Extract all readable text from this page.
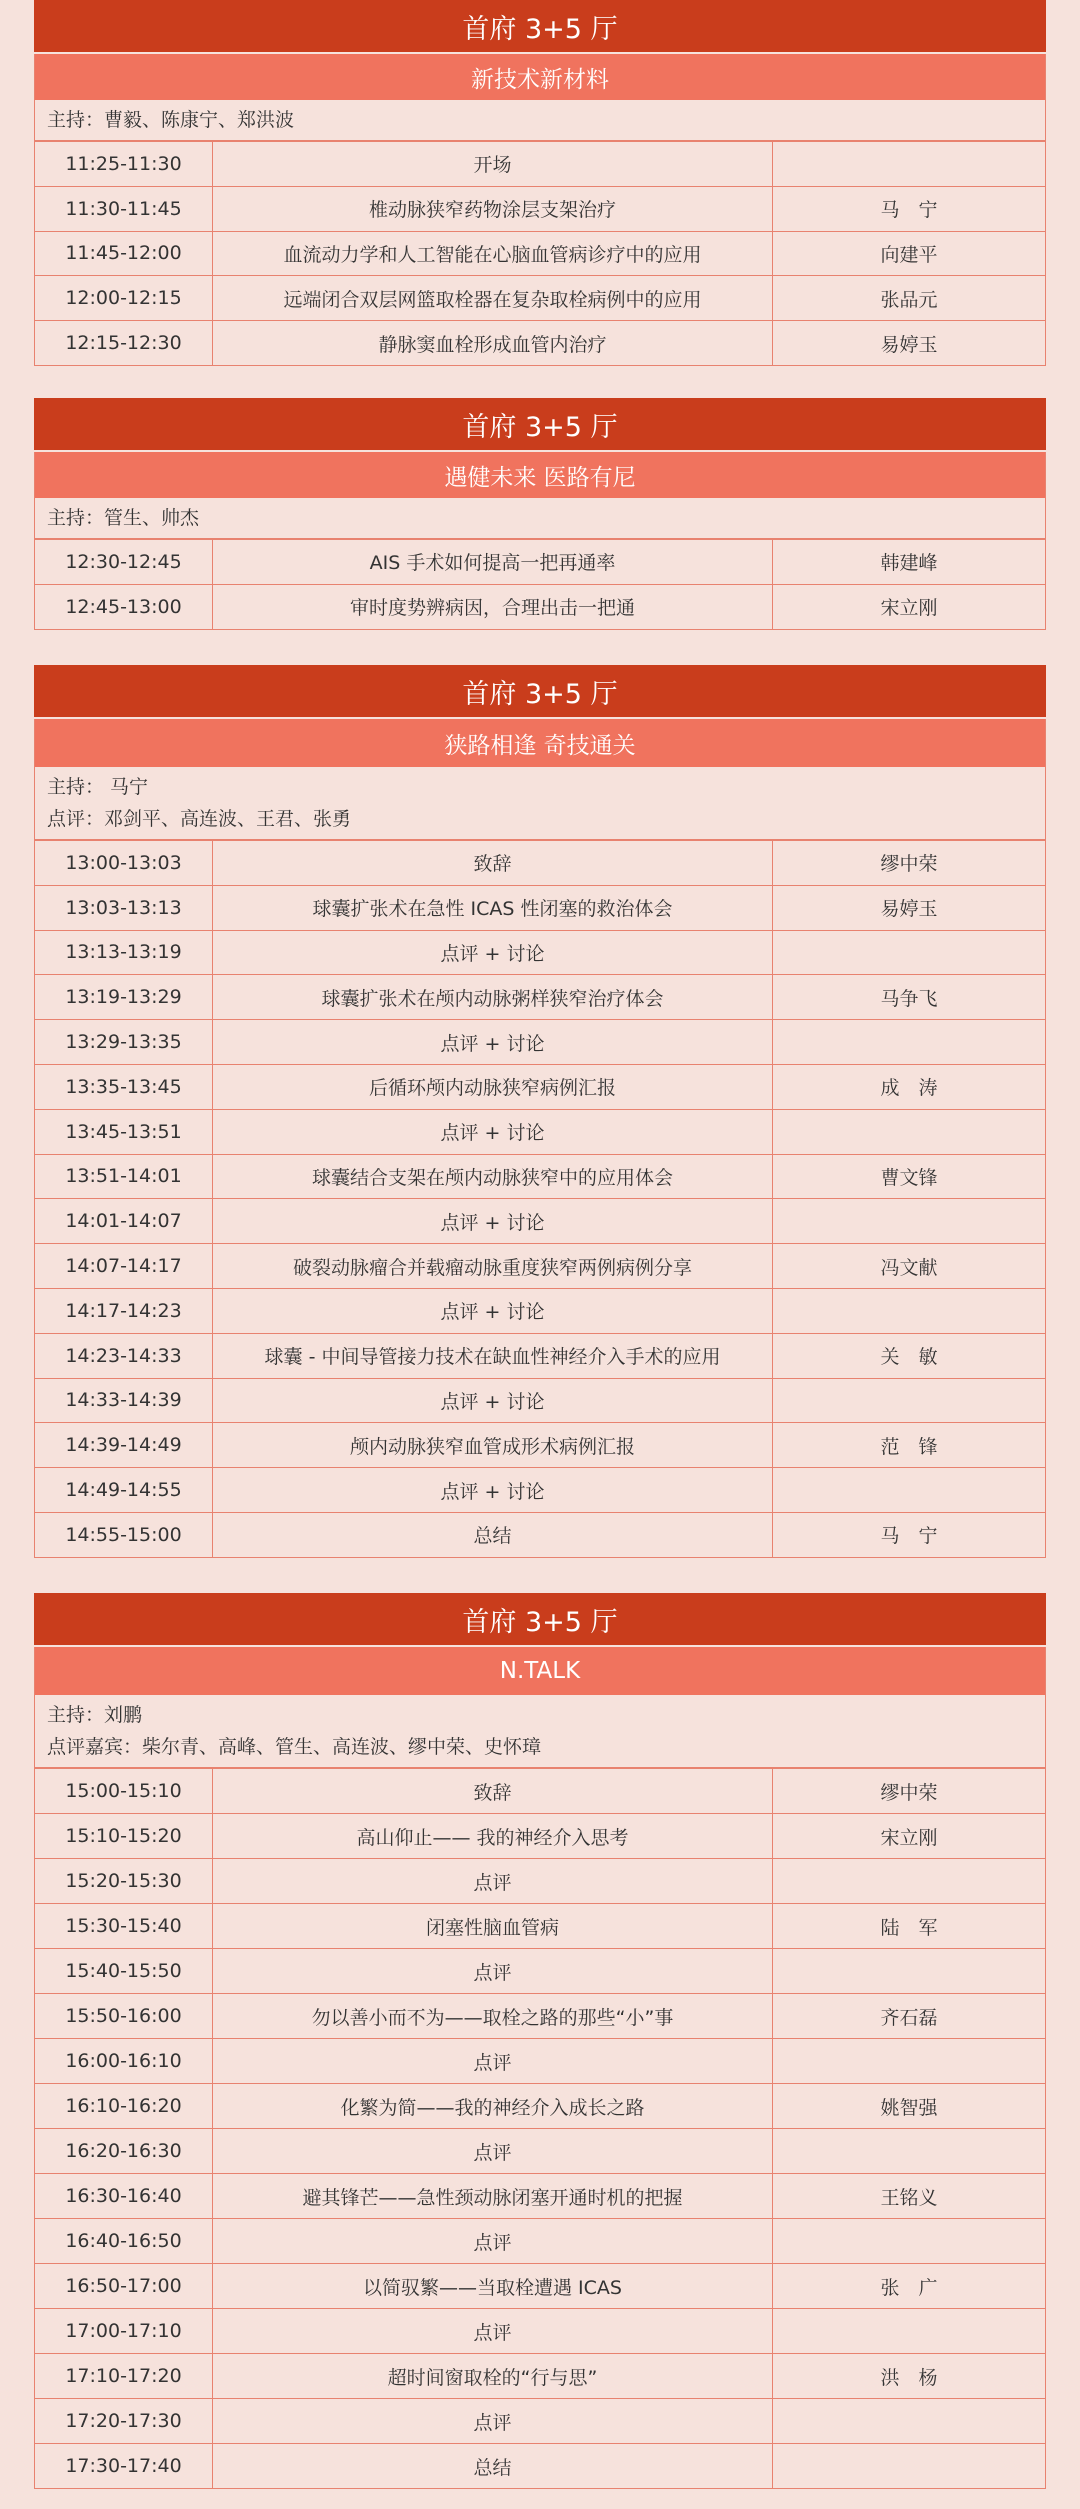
首府 3+5 厅
新技术新材料
主持：曹毅、陈康宁、郑洪波
11:25-11:30	开场	
11:30-11:45	椎动脉狭窄药物涂层支架治疗	马　宁
11:45-12:00	血流动力学和人工智能在心脑血管病诊疗中的应用	向建平
12:00-12:15	远端闭合双层网篮取栓器在复杂取栓病例中的应用	张品元
12:15-12:30	静脉窦血栓形成血管内治疗	易婷玉
首府 3+5 厅
遇健未来 医路有尼
主持：管生、帅杰
12:30-12:45	AIS 手术如何提高一把再通率	韩建峰
12:45-13:00	审时度势辨病因，合理出击一把通	宋立刚
首府 3+5 厅
狭路相逢 奇技通关
主持： 马宁
点评：邓剑平、高连波、王君、张勇
13:00-13:03	致辞	缪中荣
13:03-13:13	球囊扩张术在急性 ICAS 性闭塞的救治体会	易婷玉
13:13-13:19	点评 + 讨论	
13:19-13:29	球囊扩张术在颅内动脉粥样狭窄治疗体会	马争飞
13:29-13:35	点评 + 讨论	
13:35-13:45	后循环颅内动脉狭窄病例汇报	成　涛
13:45-13:51	点评 + 讨论	
13:51-14:01	球囊结合支架在颅内动脉狭窄中的应用体会	曹文锋
14:01-14:07	点评 + 讨论	
14:07-14:17	破裂动脉瘤合并载瘤动脉重度狭窄两例病例分享	冯文献
14:17-14:23	点评 + 讨论	
14:23-14:33	球囊 - 中间导管接力技术在缺血性神经介入手术的应用	关　敏
14:33-14:39	点评 + 讨论	
14:39-14:49	颅内动脉狭窄血管成形术病例汇报	范　锋
14:49-14:55	点评 + 讨论	
14:55-15:00	总结	马　宁
首府 3+5 厅
N.TALK
主持：刘鹏
点评嘉宾：柴尔青、高峰、管生、高连波、缪中荣、史怀璋
15:00-15:10	致辞	缪中荣
15:10-15:20	高山仰止—— 我的神经介入思考	宋立刚
15:20-15:30	点评	
15:30-15:40	闭塞性脑血管病	陆　军
15:40-15:50	点评	
15:50-16:00	勿以善小而不为——取栓之路的那些“小”事	齐石磊
16:00-16:10	点评	
16:10-16:20	化繁为简——我的神经介入成长之路	姚智强
16:20-16:30	点评	
16:30-16:40	避其锋芒——急性颈动脉闭塞开通时机的把握	王铭义
16:40-16:50	点评	
16:50-17:00	以简驭繁——当取栓遭遇 ICAS	张　广
17:00-17:10	点评	
17:10-17:20	超时间窗取栓的“行与思”	洪　杨
17:20-17:30	点评	
17:30-17:40	总结	
